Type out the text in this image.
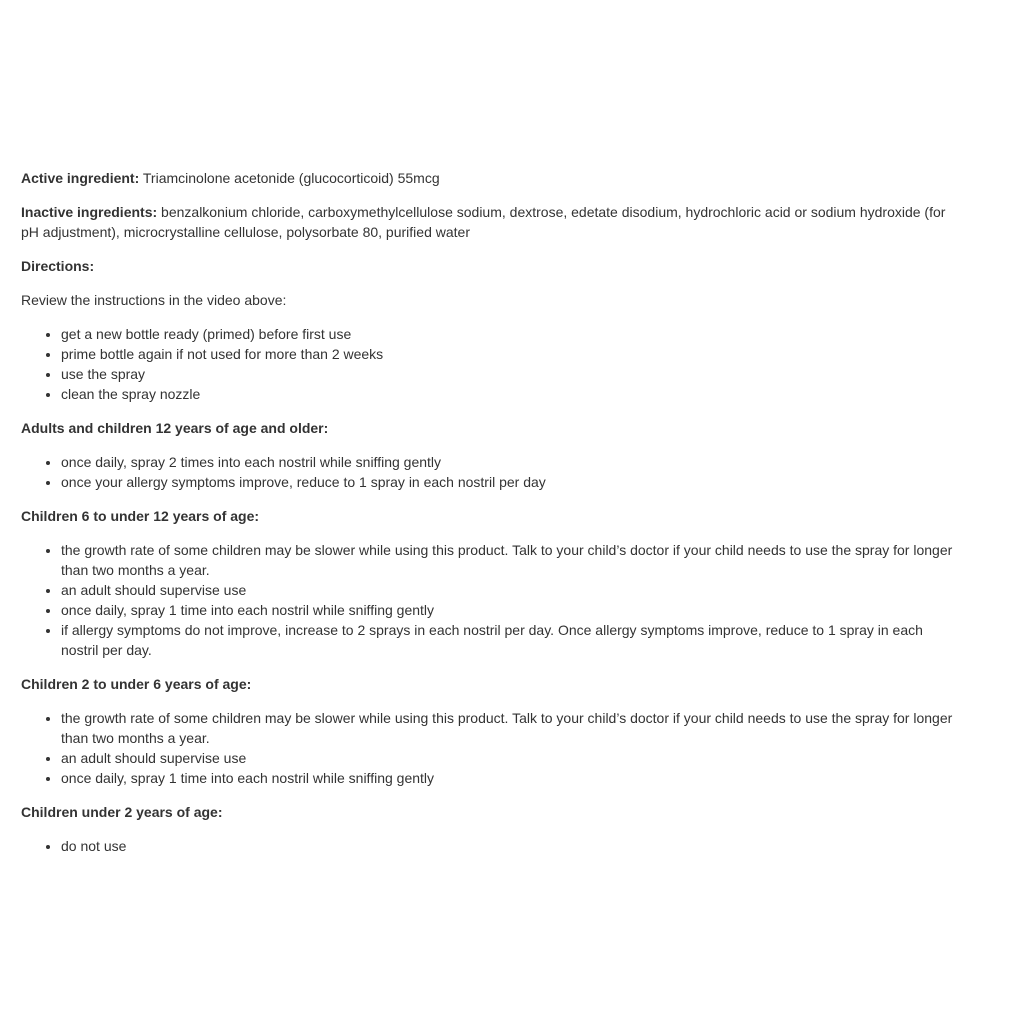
Active ingredient: Triamcinolone acetonide (glucocorticoid) 55mcg

Inactive ingredients: benzalkonium chloride, carboxymethylcellulose sodium, dextrose, edetate disodium, hydrochloric acid or sodium hydroxide (for pH adjustment), microcrystalline cellulose, polysorbate 80, purified water

Directions:

Review the instructions in the video above:

• get a new bottle ready (primed) before first use
• prime bottle again if not used for more than 2 weeks
• use the spray
• clean the spray nozzle

Adults and children 12 years of age and older:

• once daily, spray 2 times into each nostril while sniffing gently
• once your allergy symptoms improve, reduce to 1 spray in each nostril per day

Children 6 to under 12 years of age:

• the growth rate of some children may be slower while using this product. Talk to your child’s doctor if your child needs to use the spray for longer than two months a year.
• an adult should supervise use
• once daily, spray 1 time into each nostril while sniffing gently
• if allergy symptoms do not improve, increase to 2 sprays in each nostril per day. Once allergy symptoms improve, reduce to 1 spray in each nostril per day.

Children 2 to under 6 years of age:

• the growth rate of some children may be slower while using this product. Talk to your child’s doctor if your child needs to use the spray for longer than two months a year.
• an adult should supervise use
• once daily, spray 1 time into each nostril while sniffing gently

Children under 2 years of age:

• do not use
